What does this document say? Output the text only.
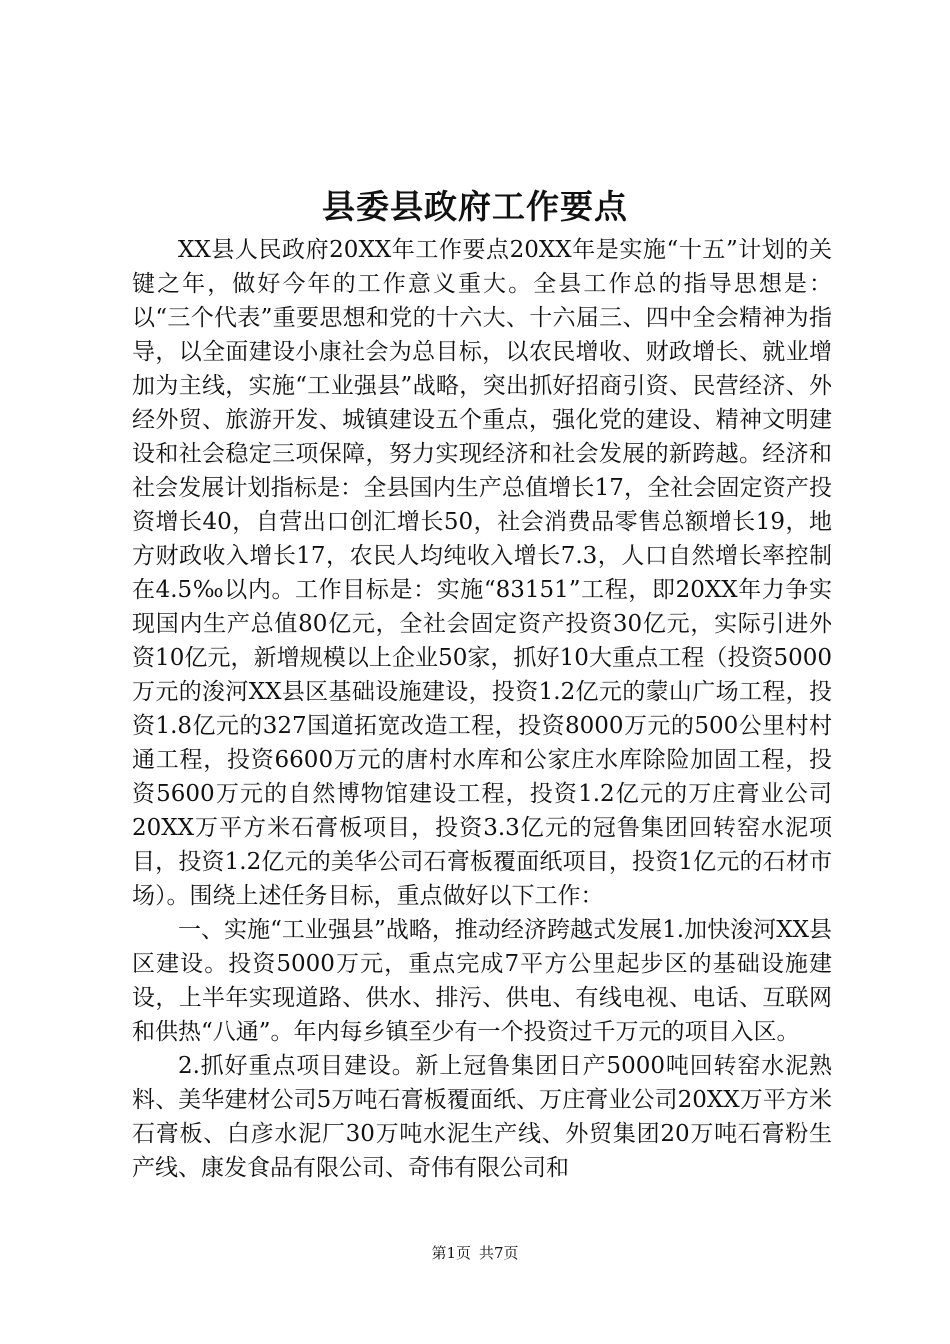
县委县政府工作要点

XX县人民政府20XX年工作要点20XX年是实施“十五”计划的关键之年，做好今年的工作意义重大。全县工作总的指导思想是：以“三个代表”重要思想和党的十六大、十六届三、四中全会精神为指导，以全面建设小康社会为总目标，以农民增收、财政增长、就业增加为主线，实施“工业强县”战略，突出抓好招商引资、民营经济、外经外贸、旅游开发、城镇建设五个重点，强化党的建设、精神文明建设和社会稳定三项保障，努力实现经济和社会发展的新跨越。经济和社会发展计划指标是：全县国内生产总值增长17，全社会固定资产投资增长40，自营出口创汇增长50，社会消费品零售总额增长19，地方财政收入增长17，农民人均纯收入增长7.3，人口自然增长率控制在4.5‰以内。工作目标是：实施“83151”工程，即20XX年力争实现国内生产总值80亿元，全社会固定资产投资30亿元，实际引进外资10亿元，新增规模以上企业50家，抓好10大重点工程（投资5000万元的浚河XX县区基础设施建设，投资1.2亿元的蒙山广场工程，投资1.8亿元的327国道拓宽改造工程，投资8000万元的500公里村村通工程，投资6600万元的唐村水库和公家庄水库除险加固工程，投资5600万元的自然博物馆建设工程，投资1.2亿元的万庄膏业公司20XX万平方米石膏板项目，投资3.3亿元的冠鲁集团回转窑水泥项目，投资1.2亿元的美华公司石膏板覆面纸项目，投资1亿元的石材市场）。围绕上述任务目标，重点做好以下工作：

一、实施“工业强县”战略，推动经济跨越式发展1.加快浚河XX县区建设。投资5000万元，重点完成7平方公里起步区的基础设施建设，上半年实现道路、供水、排污、供电、有线电视、电话、互联网和供热“八通”。年内每乡镇至少有一个投资过千万元的项目入区。

2.抓好重点项目建设。新上冠鲁集团日产5000吨回转窑水泥熟料、美华建材公司5万吨石膏板覆面纸、万庄膏业公司20XX万平方米石膏板、白彦水泥厂30万吨水泥生产线、外贸集团20万吨石膏粉生产线、康发食品有限公司、奇伟有限公司和

第1页 共7页
